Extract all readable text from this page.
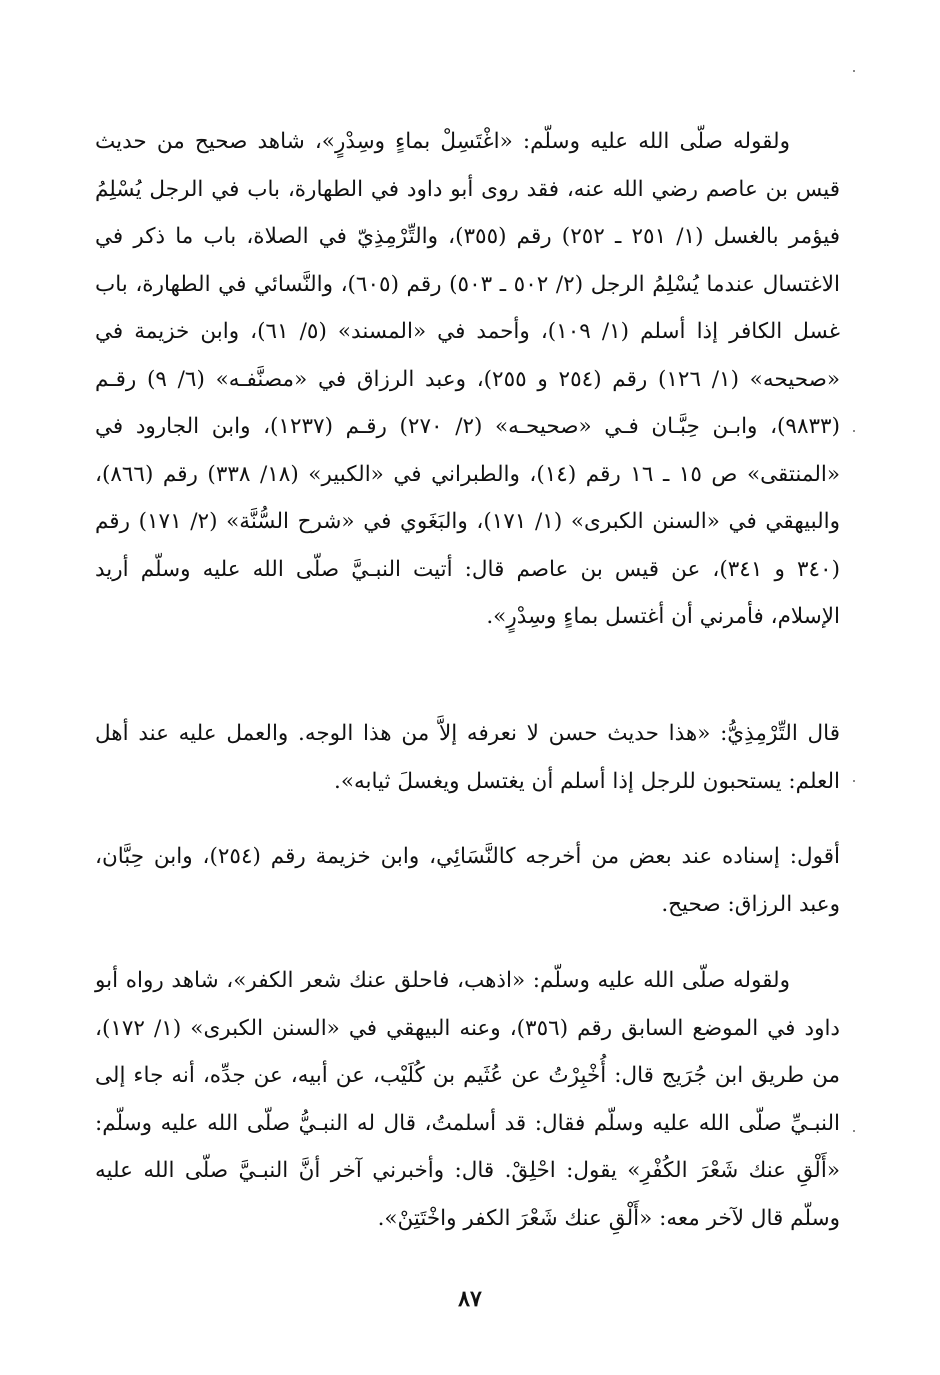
ولقوله صلّى الله عليه وسلّم: «اغْتَسِلْ بماءٍ وسِدْرٍ»، شاهد صحيح من حديث قيس بن عاصم رضي الله عنه، فقد روى أبو داود في الطهارة، باب في الرجل يُسْلِمُ فيؤمر بالغسل (١/ ٢٥١ ـ ٢٥٢) رقم (٣٥٥)، والتِّرْمِذِيّ في الصلاة، باب ما ذكر في الاغتسال عندما يُسْلِمُ الرجل (٢/ ٥٠٢ ـ ٥٠٣) رقم (٦٠٥)، والنَّسائي في الطهارة، باب غسل الكافر إذا أسلم (١/ ١٠٩)، وأحمد في «المسند» (٥/ ٦١)، وابن خزيمة في «صحيحه» (١/ ١٢٦) رقم (٢٥٤ و ٢٥٥)، وعبد الرزاق في «مصنَّفـه» (٦/ ٩) رقـم (٩٨٣٣)، وابـن حِبَّـان فـي «صحيحـه» (٢/ ٢٧٠) رقـم (١٢٣٧)، وابن الجارود في «المنتقى» ص ١٥ ـ ١٦ رقم (١٤)، والطبراني في «الكبير» (١٨/ ٣٣٨) رقم (٨٦٦)، والبيهقي في «السنن الكبرى» (١/ ١٧١)، والبَغَوي في «شرح السُّنَّة» (٢/ ١٧١) رقم (٣٤٠ و ٣٤١)، عن قيس بن عاصم قال: أتيت النبـيَّ صلّى الله عليه وسلّم أريد الإسلام، فأمرني أن أغتسل بماءٍ وسِدْرٍ».

قال التِّرْمِذِيُّ: «هذا حديث حسن لا نعرفه إلاَّ من هذا الوجه. والعمل عليه عند أهل العلم: يستحبون للرجل إذا أسلم أن يغتسل ويغسلَ ثيابه».

أقول: إسناده عند بعض من أخرجه كالنَّسَائِي، وابن خزيمة رقم (٢٥٤)، وابن حِبَّان، وعبد الرزاق: صحيح.

ولقوله صلّى الله عليه وسلّم: «اذهب، فاحلق عنك شعر الكفر»، شاهد رواه أبو داود في الموضع السابق رقم (٣٥٦)، وعنه البيهقي في «السنن الكبرى» (١/ ١٧٢)، من طريق ابن جُرَيج قال: أُخْبِرْتُ عن عُثَيم بن كُلَيْب، عن أبيه، عن جدِّه، أنه جاء إلى النبـيِّ صلّى الله عليه وسلّم فقال: قد أسلمتُ، قال له النبـيُّ صلّى الله عليه وسلّم: «أَلْقِ عنك شَعْرَ الكُفْرِ» يقول: احْلِقْ. قال: وأخبرني آخر أنَّ النبـيَّ صلّى الله عليه وسلّم قال لآخر معه: «أَلْقِ عنك شَعْرَ الكفر واخْتَتِنْ».

٨٧
